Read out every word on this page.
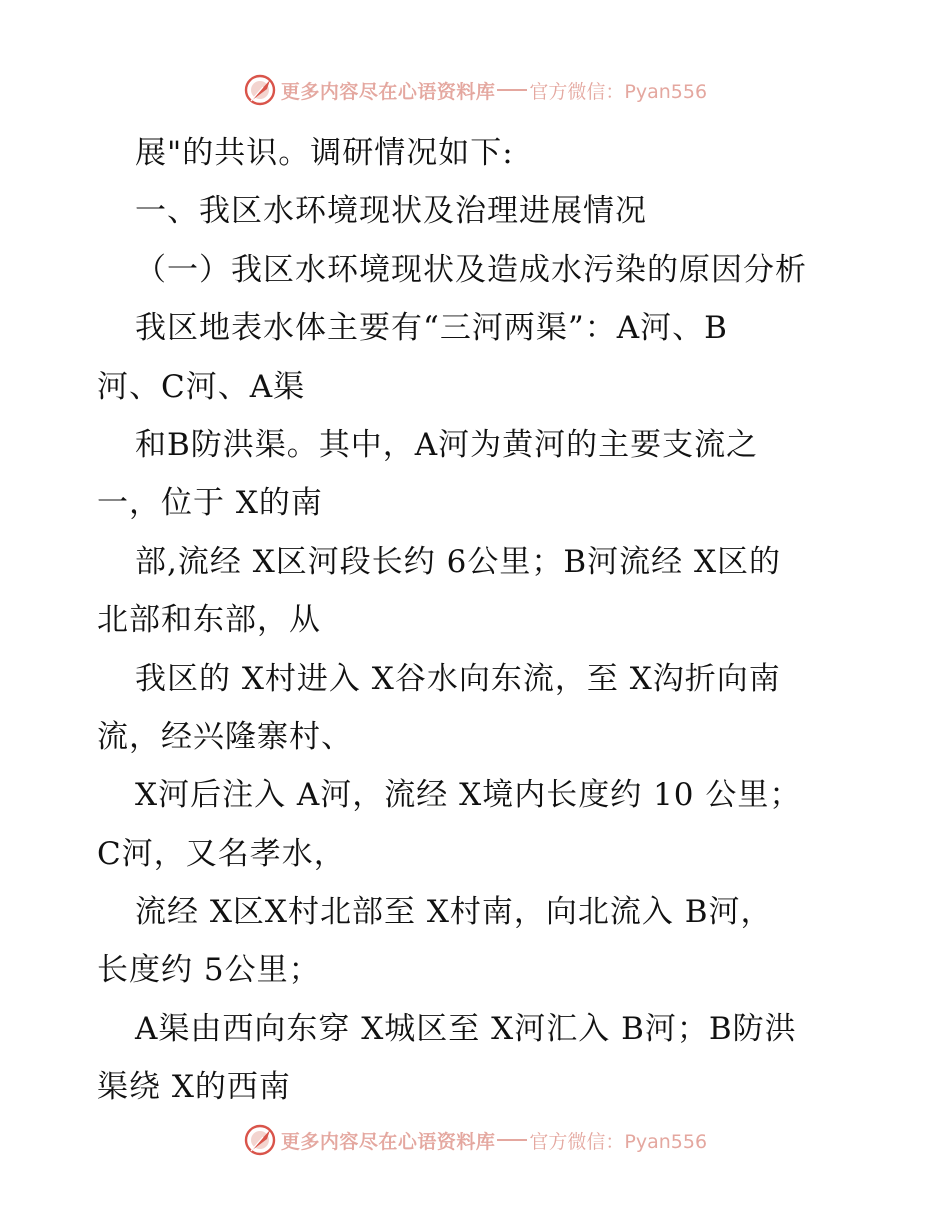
更多内容尽在心语资料库 官方微信：Pyan556
展"的共识。调研情况如下:
一、我区水环境现状及治理进展情况
（一）我区水环境现状及造成水污染的原因分析
我区地表水体主要有“三河两渠”：A河、B
河、C河、A渠
和B防洪渠。其中，A河为黄河的主要支流之
一，位于 X的南
部,流经 X区河段长约 6公里；B河流经 X区的
北部和东部，从
我区的 X村进入 X谷水向东流，至 X沟折向南
流，经兴隆寨村、
X河后注入 A河，流经 X境内长度约 10 公里；
C河，又名孝水，
流经 X区X村北部至 X村南，向北流入 B河，
长度约 5公里；
A渠由西向东穿 X城区至 X河汇入 B河；B防洪
渠绕 X的西南
更多内容尽在心语资料库 官方微信：Pyan556
